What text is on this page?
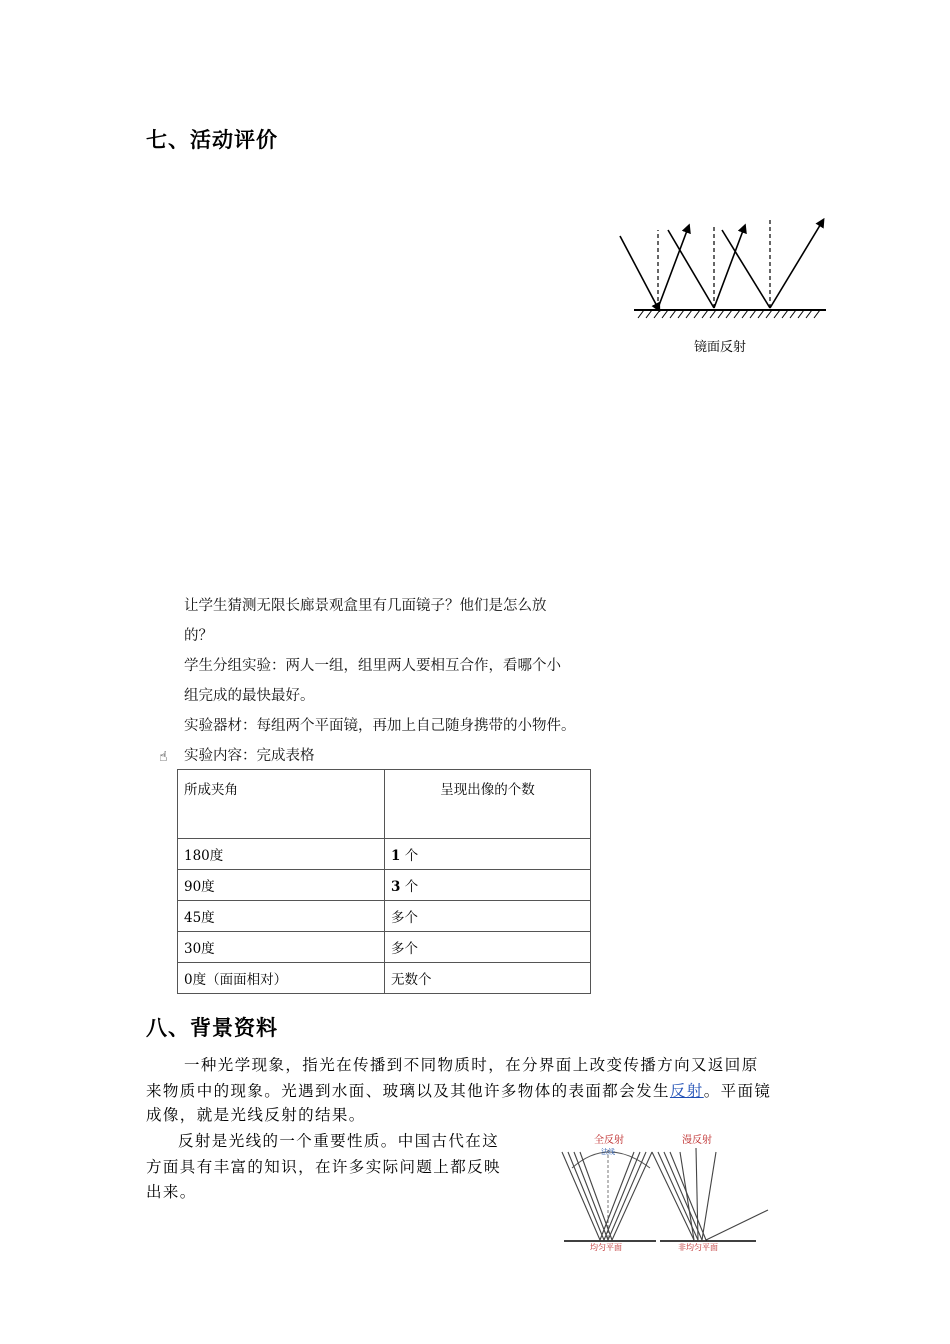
七、活动评价
镜面反射
让学生猜测无限长廊景观盒里有几面镜子？他们是怎么放
的？
学生分组实验：两人一组，组里两人要相互合作，看哪个小
组完成的最快最好。
实验器材：每组两个平面镜，再加上自己随身携带的小物件。
☝ 实验内容：完成表格
所成夹角	呈现出像的个数
180度	1 个
90度	3 个
45度	多个
30度	多个
0度（面面相对）	无数个
八、背景资料
一种光学现象，指光在传播到不同物质时，在分界面上改变传播方向又返回原
来物质中的现象。光遇到水面、玻璃以及其他许多物体的表面都会发生反射。平面镜
成像，就是光线反射的结果。
反射是光线的一个重要性质。中国古代在这
方面具有丰富的知识，在许多实际问题上都反映
出来。
全反射
法线
均匀平面
漫反射
非均匀平面
